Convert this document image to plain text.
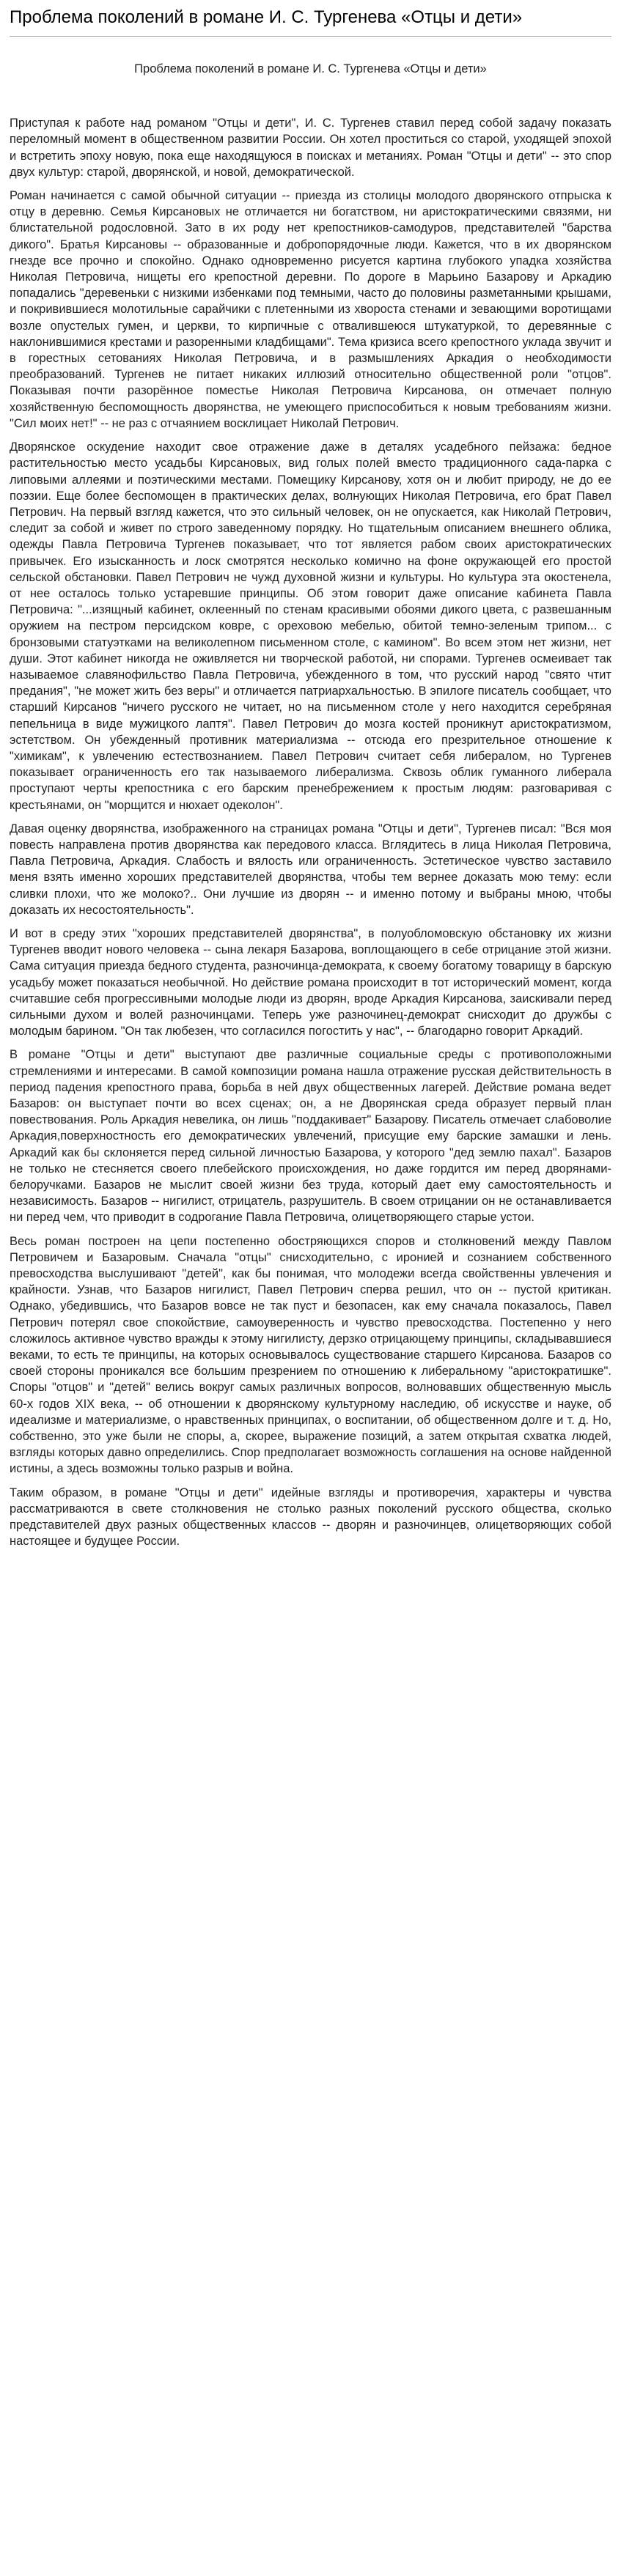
Проблема поколений в романе И. С. Тургенева «Отцы и дети»
Проблема поколений в романе И. С. Тургенева «Отцы и дети»

Приступая к работе над романом "Отцы и дети", И. С. Тургенев ставил перед собой задачу показать переломный момент в общественном развитии России. Он хотел проститься со старой, уходящей эпохой и встретить эпоху новую, пока еще находящуюся в поисках и метаниях. Роман "Отцы и дети" -- это спор двух культур: старой, дворянской, и новой, демократической.

Роман начинается с самой обычной ситуации -- приезда из столицы молодого дворянского отпрыска к отцу в деревню. Семья Кирсановых не отличается ни богатством, ни аристократическими связями, ни блистательной родословной. Зато в их роду нет крепостников-самодуров, представителей "барства дикого". Братья Кирсановы -- образованные и добропорядочные люди. Кажется, что в их дворянском гнезде все прочно и спокойно. Однако одновременно рисуется картина глубокого упадка хозяйства Николая Петровича, нищеты его крепостной деревни. По дороге в Марьино Базарову и Аркадию попадались "деревеньки с низкими избенками под темными, часто до половины разметанными крышами, и покривившиеся молотильные сарайчики с плетенными из хворостa стенами и зевающими воротищами возле опустелых гумен, и церкви, то кирпичные с отвалившеюся штукатуркой, то деревянные с наклонившимися крестами и разоренными кладбищами". Тема кризиса всего крепостного уклада звучит и в горестных сетованиях Николая Петровича, и в размышлениях Аркадия о необходимости преобразований. Тургенев не питает никаких иллюзий относительно общественной роли "отцов". Показывая почти разорённое поместье Николая Петровича Кирсанова, он отмечает полную хозяйственную беспомощность дворянства, не умеющего приспособиться к новым требованиям жизни. "Сил моих нет!" -- не раз с отчаянием восклицает Николай Петрович.

Дворянское оскудение находит свое отражение даже в деталях усадебного пейзажа: бедное растительностью место усадьбы Кирсановых, вид голых полей вместо традиционного сада-парка с липовыми аллеями и поэтическими местами. Помещику Кирсанову, хотя он и любит природу, не до ее поэзии. Еще более беспомощен в практических делах, волнующих Николая Петровича, его брат Павел Петрович. На первый взгляд кажется, что это сильный человек, он не опускается, как Николай Петрович, следит за собой и живет по строго заведенному порядку. Но тщательным описанием внешнего облика, одежды Павла Петровича Тургенев показывает, что тот является рабом своих аристократических привычек. Его изысканность и лоск смотрятся несколько комично на фоне окружающей его простой сельской обстановки. Павел Петрович не чужд духовной жизни и культуры. Но культура эта окостенела, от нее осталось только устаревшие принципы. Об этом говорит даже описание кабинета Павла Петровича: "...изящный кабинет, оклеенный по стенам красивыми обоями дикого цвета, с развешанным оружием на пестром персидском ковре, с ореховою мебелью, обитой темно-зеленым трипом... с бронзовыми статуэтками на великолепном письменном столе, с камином". Во всем этом нет жизни, нет души. Этот кабинет никогда не оживляется ни творческой работой, ни спорами. Тургенев осмеивает так называемое славянофильство Павла Петровича, убежденного в том, что русский народ "свято чтит предания", "не может жить без веры" и отличается патриархальностью. В эпилоге писатель сообщает, что старший Кирсанов "ничего русского не читает, но на письменном столе у него находится серебряная пепельница в виде мужицкого лаптя". Павел Петрович до мозга костей проникнут аристократизмом, эстетством. Он убежденный противник материализма -- отсюда его презрительное отношение к "химикам", к увлечению естествознанием. Павел Петрович считает себя либералом, но Тургенев показывает ограниченность его так называемого либерализма. Сквозь облик гуманного либерала проступают черты крепостника с его барским пренебрежением к простым людям: разговаривая с крестьянами, он "морщится и нюхает одеколон".

Давая оценку дворянства, изображенного на страницах романа "Отцы и дети", Тургенев писал: "Вся моя повесть направлена против дворянства как передового класса. Вглядитесь в лица Николая Петровича, Павла Петровича, Аркадия. Слабость и вялость или ограниченность. Эстетическое чувство заставило меня взять именно хороших представителей дворянства, чтобы тем вернее доказать мою тему: если сливки плохи, что же молоко?.. Они лучшие из дворян -- и именно потому и выбраны мною, чтобы доказать их несостоятельность".

И вот в среду этих "хороших представителей дворянства", в полуобломовскую обстановку их жизни Тургенев вводит нового человека -- сына лекаря Базарова, воплощающего в себе отрицание этой жизни. Сама ситуация приезда бедного студента, разночинца-демократа, к своему богатому товарищу в барскую усадьбу может показаться необычной. Но действие романа происходит в тот исторический момент, когда считавшие себя прогрессивными молодые люди из дворян, вроде Аркадия Кирсанова, заискивали перед сильными духом и волей разночинцами. Теперь уже разночинец-демократ снисходит до дружбы с молодым барином. "Он так любезен, что согласился погостить у нас", -- благодарно говорит Аркадий.

В романе "Отцы и дети" выступают две различные социальные среды с противоположными стремлениями и интересами. В самой композиции романа нашла отражение русская действительность в период падения крепостного права, борьба в ней двух общественных лагерей. Действие романа ведет Базаров: он выступает почти во всех сценах; он, а не Дворянская среда образует первый план повествования. Роль Аркадия невелика, он лишь "поддакивает" Базарову. Писатель отмечает слабоволие Аркадия,поверхностность его демократических увлечений, присущие ему барские замашки и лень. Аркадий как бы склоняется перед сильной личностью Базарова, у которого "дед землю пахал". Базаров не только не стесняется своего плебейского происхождения, но даже гордится им перед дворянами-белоручками. Базаров не мыслит своей жизни без труда, который дает ему самостоятельность и независимость. Базаров -- нигилист, отрицатель, разрушитель. В своем отрицании он не останавливается ни перед чем, что приводит в содрогание Павла Петровича, олицетворяющего старые устои.

Весь роман построен на цепи постепенно обостряющихся споров и столкновений между Павлом Петровичем и Базаровым. Сначала "отцы" снисходительно, с иронией и сознанием собственного превосходства выслушивают "детей", как бы понимая, что молодежи всегда свойственны увлечения и крайности. Узнав, что Базаров нигилист, Павел Петрович сперва решил, что он -- пустой критикан. Однако, убедившись, что Базаров вовсе не так пуст и безопасен, как ему сначала показалось, Павел Петрович потерял свое спокойствие, самоуверенность и чувство превосходства. Постепенно у него сложилось активное чувство вражды к этому нигилисту, дерзко отрицающему принципы, складывавшиеся веками, то есть те принципы, на которых основывалось существование старшего Кирсанова. Базаров со своей стороны проникался все большим презрением по отношению к либеральному "аристократишке". Споры "отцов" и "детей" велись вокруг самых различных вопросов, волновавших общественную мысль 60-х годов XIX века, -- об отношении к дворянскому культурному наследию, об искусстве и науке, об идеализме и материализме, о нравственных принципах, о воспитании, об общественном долге и т. д. Но, собственно, это уже были не споры, а, скорее, выражение позиций, а затем открытая схватка людей, взгляды которых давно определились. Спор предполагает возможность соглашения на основе найденной истины, а здесь возможны только разрыв и война.

Таким образом, в романе "Отцы и дети" идейные взгляды и противоречия, характеры и чувства рассматриваются в свете столкновения не столько разных поколений русского общества, сколько представителей двух разных общественных классов -- дворян и разночинцев, олицетворяющих собой настоящее и будущее России.
